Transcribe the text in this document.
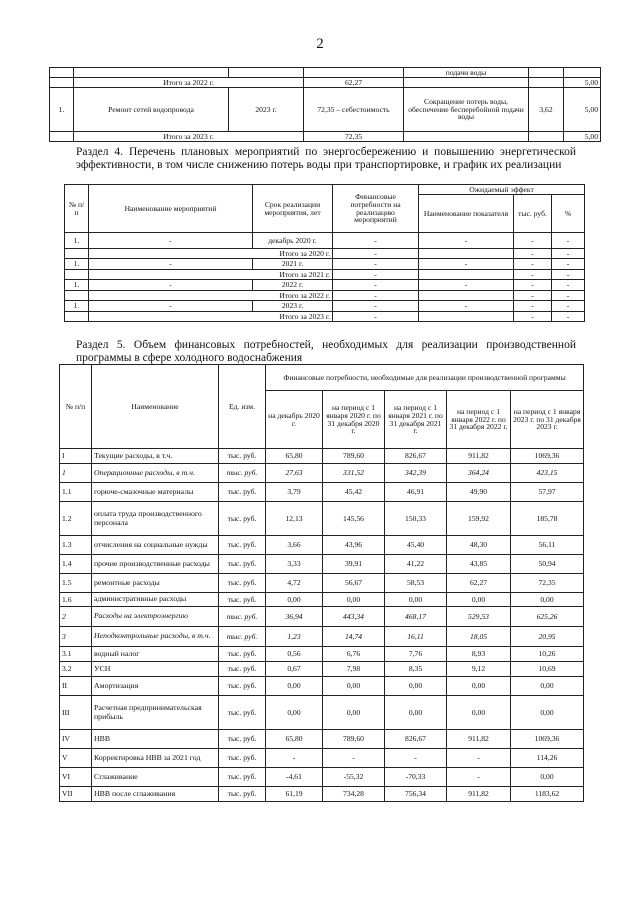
2
				подачи воды		
	Итого за 2022 г.		62,27			5,00
1.	Ремонт сетей водопровода	2023 г.	72,35 – себестоимость	Сокращение потерь воды, обеспечение бесперебойной подачи воды	3,62	5,00
	Итого за 2023 г.		72,35			5,00
Раздел 4. Перечень плановых мероприятий по энергосбережению и повышению энергетической эффективности, в том числе снижению потерь воды при транспортировке, и график их реализации
№ п/п	Наименование мероприятий	Срок реализации мероприятия, лет	Финансовые потребности на реализацию мероприятий	Ожидаемый эффект		
				Наименование показателя	тыс. руб.	%
1.	-	декабрь 2020 г.	-	-	-	-
	Итого за 2020 г.		-		-	-
1.	-	2021 г.	-	-	-	-
	Итого за 2021 г.		-		-	-
1.	-	2022 г.	-	-	-	-
	Итого за 2022 г.		-		-	-
1.	-	2023 г.	-	-	-	-
	Итого за 2023 г.		-		-	-
Раздел 5. Объем финансовых потребностей, необходимых для реализации производственной программы в сфере холодного водоснабжения
№ п/п	Наименование	Ед. изм.	Финансовые потребности, необходимые для реализации производственной программы				
			на декабрь 2020 г.	на период с 1 января 2020 г. по 31 декабря 2020 г.	на период с 1 января 2021 г. по 31 декабря 2021 г.	на период с 1 января 2022 г. по 31 декабря 2022 г.	на период с 1 января 2023 г. по 31 декабря 2023 г.
I	Текущие расходы, в т.ч.	тыс. руб.	65,80	789,60	826,67	911,82	1069,36
1	Операционные расходы, в т.ч.	тыс. руб.	27,63	331,52	342,39	364,24	423,15
1.1	горюче-смазочные материалы	тыс. руб.	3,79	45,42	46,91	49,90	57,97
1.2	оплата труда производственного персонала	тыс. руб.	12,13	145,56	150,33	159,92	185,78
1.3	отчисления на социальные нужды	тыс. руб.	3,66	43,96	45,40	48,30	56,11
1.4	прочие производственные расходы	тыс. руб.	3,33	39,91	41,22	43,85	50,94
1.5	ремонтные расходы	тыс. руб.	4,72	56,67	58,53	62,27	72,35
1.6	административные расходы	тыс. руб.	0,00	0,00	0,00	0,00	0,00
2	Расходы на электроэнергию	тыс. руб.	36,94	443,34	468,17	529,53	625,26
3	Неподконтрольные расходы, в т.ч.	тыс. руб.	1,23	14,74	16,11	18,05	20,95
3.1	водный налог	тыс. руб.	0,56	6,76	7,76	8,93	10,26
3.2	УСН	тыс. руб.	0,67	7,98	8,35	9,12	10,69
II	Амортизация	тыс. руб.	0,00	0,00	0,00	0,00	0,00
III	Расчетная предпринимательская прибыль	тыс. руб.	0,00	0,00	0,00	0,00	0,00
IV	НВВ	тыс. руб.	65,80	789,60	826,67	911,82	1069,36
V	Корректировка НВВ за 2021 год	тыс. руб.	-	-	-	-	114,26
VI	Сглаживание	тыс. руб.	-4,61	-55,32	-70,33	-	0,00
VII	НВВ после сглаживания	тыс. руб.	61,19	734,28	756,34	911,82	1183,62
